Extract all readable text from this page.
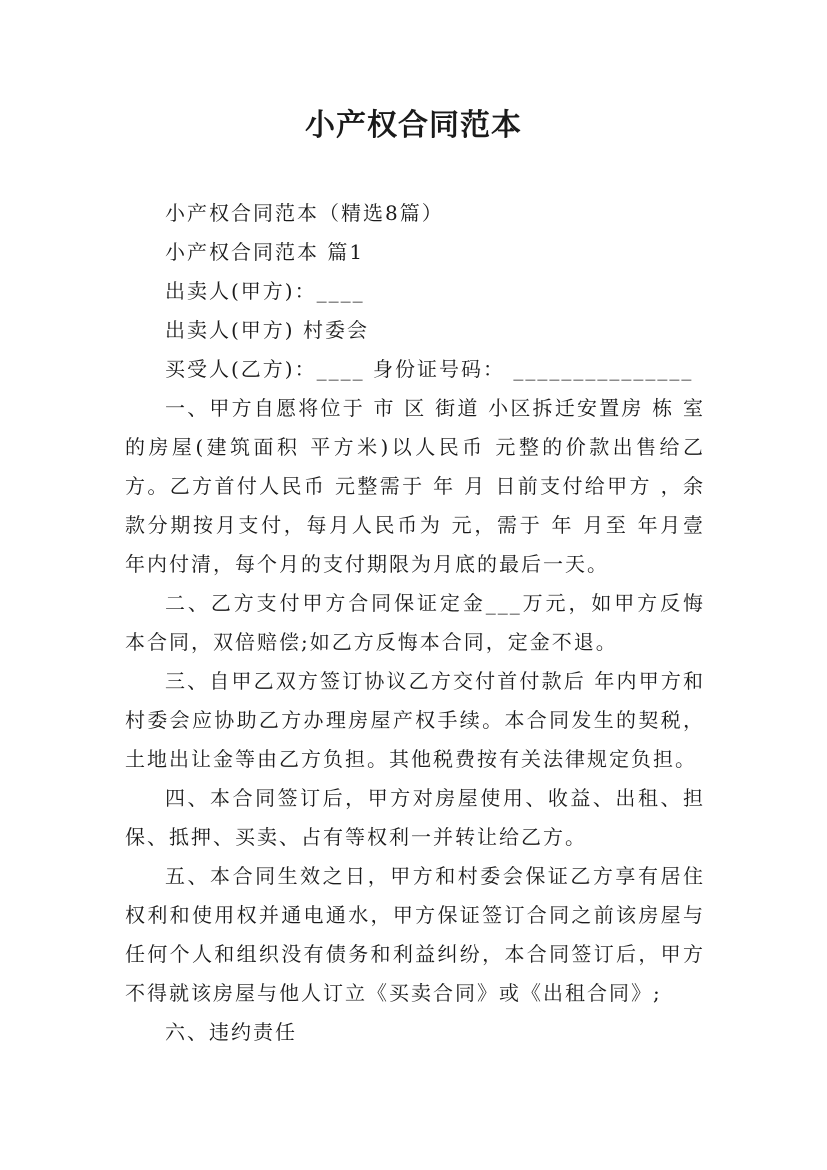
小产权合同范本

小产权合同范本（精选8篇）

小产权合同范本 篇1

出卖人(甲方)：____

出卖人(甲方) 村委会

买受人(乙方)：____ 身份证号码： _______________

一、甲方自愿将位于 市 区 街道 小区拆迁安置房 栋 室的房屋(建筑面积 平方米)以人民币 元整的价款出售给乙方。乙方首付人民币 元整需于 年 月 日前支付给甲方 ，余款分期按月支付，每月人民币为 元，需于 年 月至 年月壹年内付清，每个月的支付期限为月底的最后一天。

二、乙方支付甲方合同保证定金___万元，如甲方反悔本合同，双倍赔偿;如乙方反悔本合同，定金不退。

三、自甲乙双方签订协议乙方交付首付款后 年内甲方和村委会应协助乙方办理房屋产权手续。本合同发生的契税，土地出让金等由乙方负担。其他税费按有关法律规定负担。

四、本合同签订后，甲方对房屋使用、收益、出租、担保、抵押、买卖、占有等权利一并转让给乙方。

五、本合同生效之日，甲方和村委会保证乙方享有居住权利和使用权并通电通水，甲方保证签订合同之前该房屋与任何个人和组织没有债务和利益纠纷，本合同签订后，甲方不得就该房屋与他人订立《买卖合同》或《出租合同》;

六、违约责任
